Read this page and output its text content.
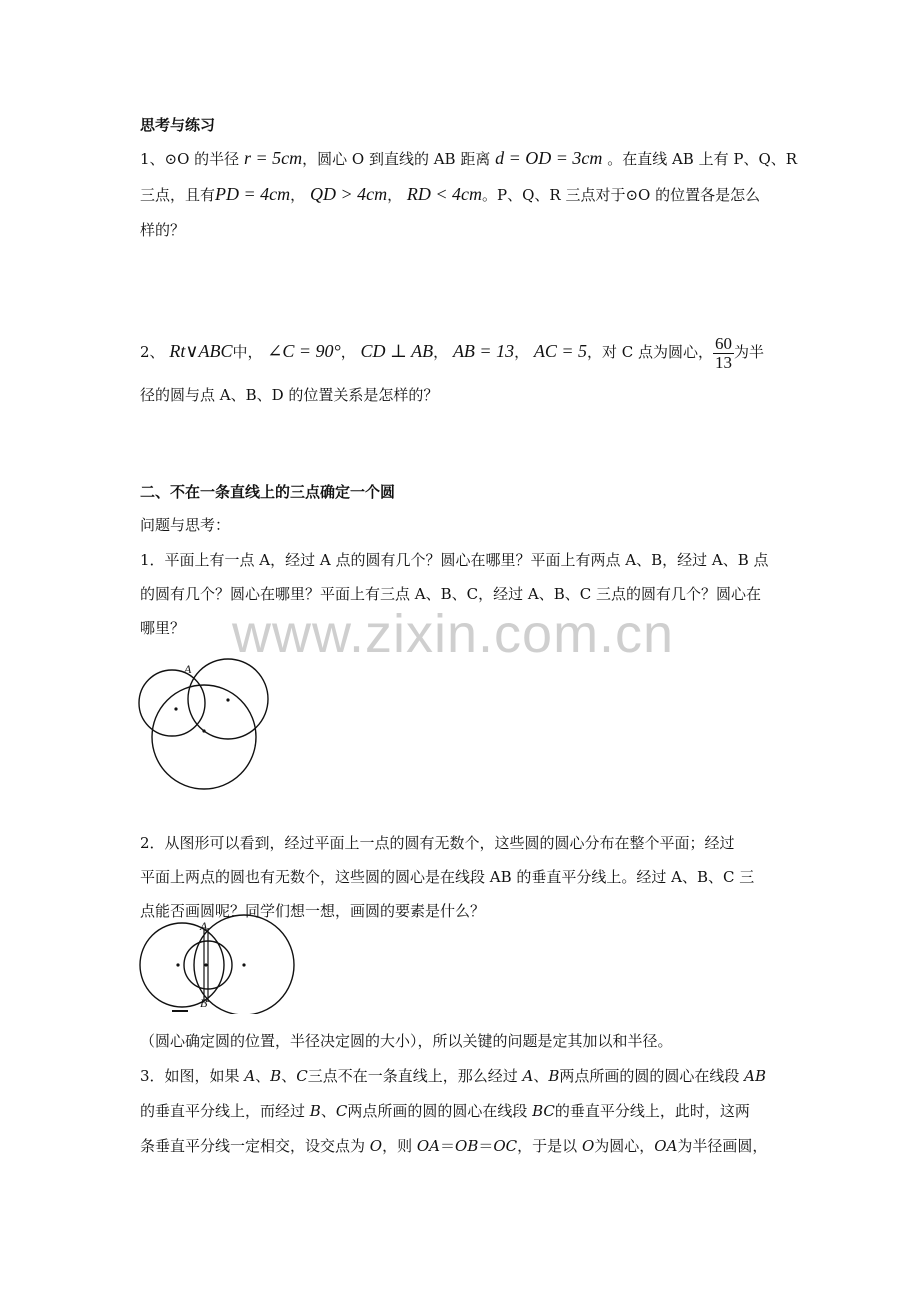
www.zixin.com.cn
思考与练习
1、⊙O 的半径 r = 5cm，圆心 O 到直线的 AB 距离 d = OD = 3cm 。在直线 AB 上有 P、Q、R
三点，且有PD = 4cm， QD > 4cm， RD < 4cm。P、Q、R 三点对于⊙O 的位置各是怎么
样的？
2、 Rt∨ABC中， ∠C = 90°， CD ⊥ AB， AB = 13， AC = 5，对 C 点为圆心， $\frac{60}{13}$ 为半
径的圆与点 A、B、D 的位置关系是怎样的？
二、不在一条直线上的三点确定一个圆
问题与思考：
1．平面上有一点 A，经过 A 点的圆有几个？圆心在哪里？平面上有两点 A、B，经过 A、B 点
的圆有几个？圆心在哪里？平面上有三点 A、B、C，经过 A、B、C 三点的圆有几个？圆心在
哪里？
A
2．从图形可以看到，经过平面上一点的圆有无数个，这些圆的圆心分布在整个平面；经过
平面上两点的圆也有无数个，这些圆的圆心是在线段 AB 的垂直平分线上。经过 A、B、C 三
点能否画圆呢？同学们想一想，画圆的要素是什么？
A
B
（圆心确定圆的位置，半径决定圆的大小），所以关键的问题是定其加以和半径。
3．如图，如果 A、B、C三点不在一条直线上，那么经过 A、B两点所画的圆的圆心在线段 AB
的垂直平分线上，而经过 B、C两点所画的圆的圆心在线段 BC的垂直平分线上，此时，这两
条垂直平分线一定相交，设交点为 O，则 OA＝OB＝OC，于是以 O为圆心，OA为半径画圆，
